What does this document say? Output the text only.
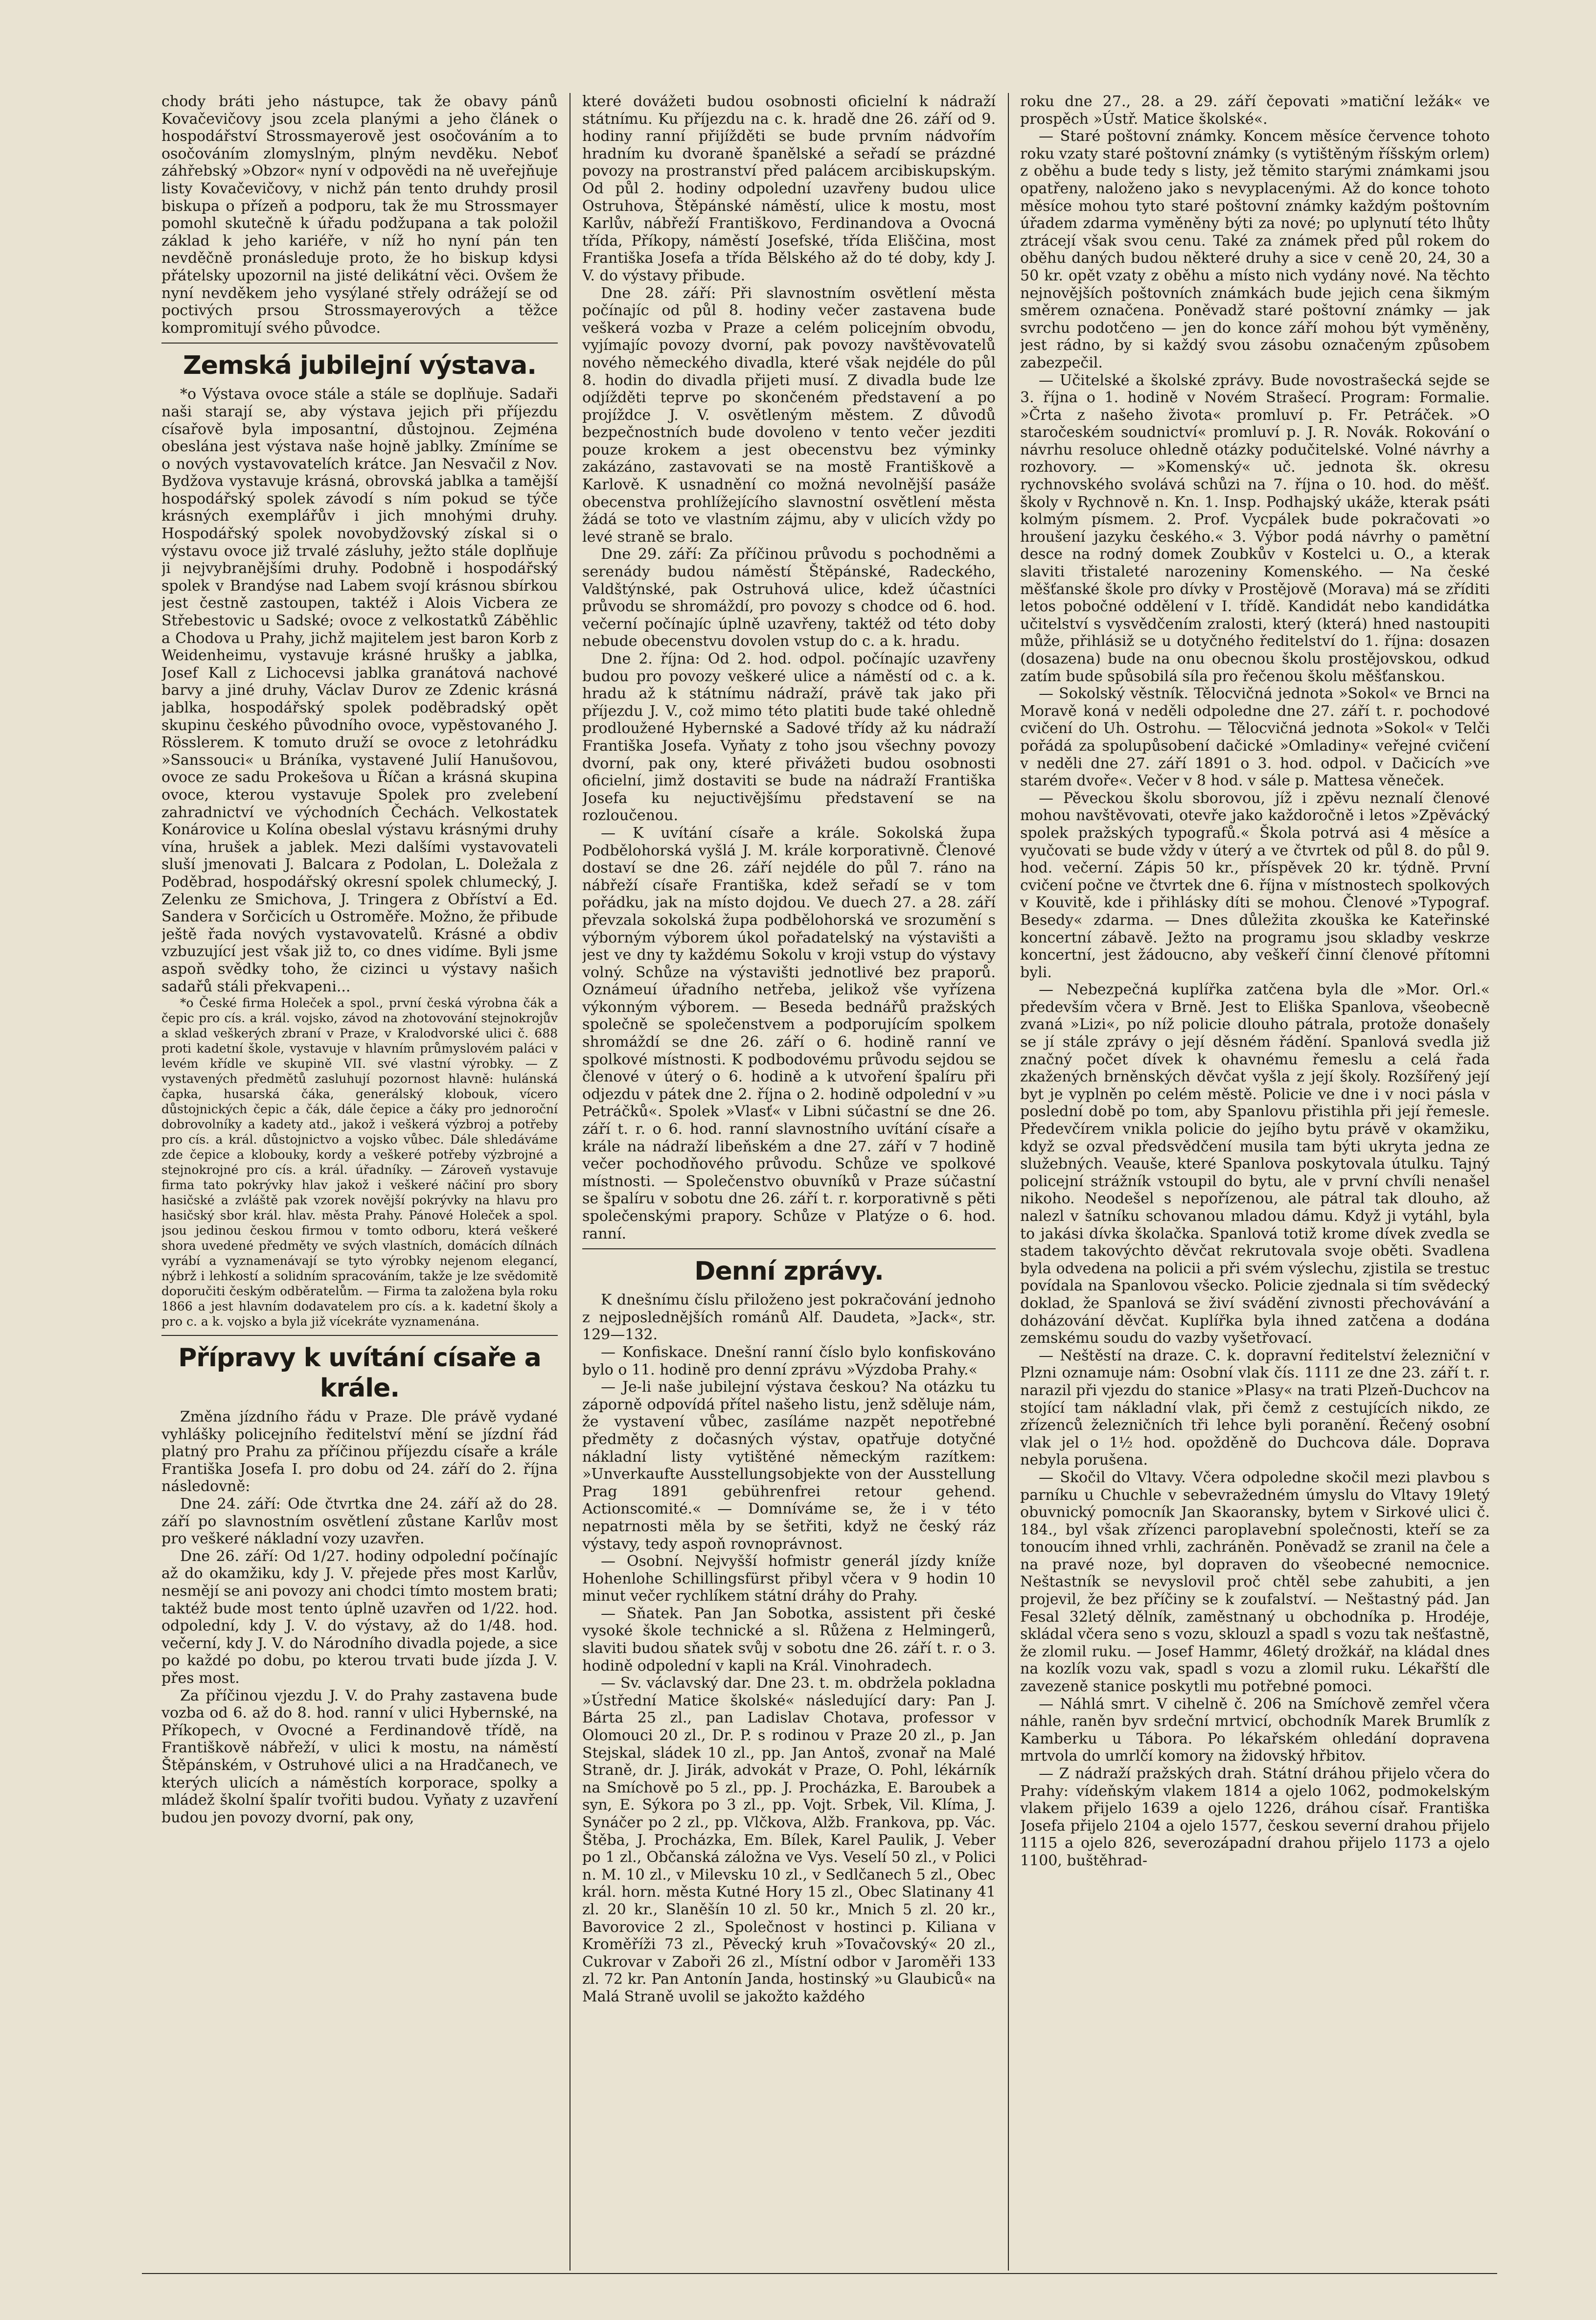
chody bráti jeho nástupce, tak že obavy pánů Kovačevičovy jsou zcela planými a jeho článek o hospodářství Strossmayerově jest osočováním a to osočováním zlomyslným, plným nevděku. Neboť záhřebský »Obzor« nyní v odpovědi na ně uveřejňuje listy Kovačevičovy, v nichž pán tento druhdy prosil biskupa o přízeň a podporu, tak že mu Strossmayer pomohl skutečně k úřadu podžupana a tak položil základ k jeho kariéře, v níž ho nyní pán ten nevděčně pronásleduje proto, že ho biskup kdysi přátelsky upozornil na jisté delikátní věci. Ovšem že nyní nevděkem jeho vysýlané střely odrážejí se od poctivých prsou Strossmayerových a těžce kompromitují svého původce.

Zemská jubilejní výstava.

*o Výstava ovoce stále a stále se doplňuje. Sadaři naši starají se, aby výstava jejich při příjezdu císařově byla imposantní, důstojnou. Zejména obeslána jest výstava naše hojně jablky. Zmíníme se o nových vystavovatelích krátce. Jan Nesvačil z Nov. Bydžova vystavuje krásná, obrovská jablka a tamější hospodářský spolek závodí s ním pokud se týče krásných exemplářův i jich mnohými druhy. Hospodářský spolek novobydžovský získal si o výstavu ovoce již trvalé zásluhy, ježto stále doplňuje ji nejvybranějšími druhy. Podobně i hospodářský spolek v Brandýse nad Labem svojí krásnou sbírkou jest čestně zastoupen, taktéž i Alois Vicbera ze Střebestovic u Sadské; ovoce z velkostatků Záběhlic a Chodova u Prahy, jichž majitelem jest baron Korb z Weidenheimu, vystavuje krásné hrušky a jablka, Josef Kall z Lichocevsi jablka granátová nachové barvy a jiné druhy, Václav Durov ze Zdenic krásná jablka, hospodářský spolek poděbradský opět skupinu českého původního ovoce, vypěstovaného J. Rösslerem. K tomuto druží se ovoce z letohrádku »Sanssouci« u Bráníka, vystavené Julií Hanušovou, ovoce ze sadu Prokešova u Říčan a krásná skupina ovoce, kterou vystavuje Spolek pro zvelebení zahradnictví ve východních Čechách. Velkostatek Konárovice u Kolína obeslal výstavu krásnými druhy vína, hrušek a jablek. Mezi dalšími vystavovateli sluší jmenovati J. Balcara z Podolan, L. Doležala z Poděbrad, hospodářský okresní spolek chlumecký, J. Zelenku ze Smichova, J. Tringera z Obříství a Ed. Sandera v Sorčicích u Ostroměře. Možno, že přibude ještě řada nových vystavovatelů. Krásné a obdiv vzbuzující jest však již to, co dnes vidíme. Byli jsme aspoň svědky toho, že cizinci u výstavy našich sadařů stáli překvapeni...

*o České firma Holeček a spol., první česká výrobna čák a čepic pro cís. a král. vojsko, závod na zhotovování stejnokrojův a sklad veškerých zbraní v Praze, v Kralodvorské ulici č. 688 proti kadetní škole, vystavuje v hlavním průmyslovém paláci v levém křídle ve skupině VII. své vlastní výrobky. — Z vystavených předmětů zasluhují pozornost hlavně: hulánská čapka, husarská čáka, generálský klobouk, vícero důstojnických čepic a čák, dále čepice a čáky pro jednoroční dobrovolníky a kadety atd., jakož i veškerá výzbroj a potřeby pro cís. a král. důstojnictvo a vojsko vůbec. Dále shledáváme zde čepice a klobouky, kordy a veškeré potřeby výzbrojné a stejnokrojné pro cís. a král. úřadníky. — Zároveň vystavuje firma tato pokrývky hlav jakož i veškeré náčiní pro sbory hasičské a zvláště pak vzorek novější pokrývky na hlavu pro hasičský sbor král. hlav. města Prahy. Pánové Holeček a spol. jsou jedinou českou firmou v tomto odboru, která veškeré shora uvedené předměty ve svých vlastních, domácích dílnách vyrábí a vyznamenávají se tyto výrobky nejenom elegancí, nýbrž i lehkostí a solidním spracováním, takže je lze svědomitě doporučiti českým odběratelům. — Firma ta založena byla roku 1866 a jest hlavním dodavatelem pro cís. a k. kadetní školy a pro c. a k. vojsko a byla již vícekráte vyznamenána.

Přípravy k uvítání císaře a krále.

Změna jízdního řádu v Praze. Dle právě vydané vyhlášky policejního ředitelství mění se jízdní řád platný pro Prahu za příčinou příjezdu císaře a krále Františka Josefa I. pro dobu od 24. září do 2. října následovně:

Dne 24. září: Ode čtvrtka dne 24. září až do 28. září po slavnostním osvětlení zůstane Karlův most pro veškeré nákladní vozy uzavřen.

Dne 26. září: Od 1/27. hodiny odpolední počínajíc až do okamžiku, kdy J. V. přejede přes most Karlův, nesmějí se ani povozy ani chodci tímto mostem brati; taktéž bude most tento úplně uzavřen od 1/22. hod. odpolední, kdy J. V. do výstavy, až do 1/48. hod. večerní, kdy J. V. do Národního divadla pojede, a sice po každé po dobu, po kterou trvati bude jízda J. V. přes most.

Za příčinou vjezdu J. V. do Prahy zastavena bude vozba od 6. až do 8. hod. ranní v ulici Hybernské, na Příkopech, v Ovocné a Ferdinandově třídě, na Františkově nábřeží, v ulici k mostu, na náměstí Štěpánském, v Ostruhové ulici a na Hradčanech, ve kterých ulicích a náměstích korporace, spolky a mládež školní špalír tvořiti budou. Vyňaty z uzavření budou jen povozy dvorní, pak ony,

které dovážeti budou osobnosti oficielní k nádraží státnímu. Ku příjezdu na c. k. hradě dne 26. září od 9. hodiny ranní přijížděti se bude prvním nádvořím hradním ku dvoraně španělské a seřadí se prázdné povozy na prostranství před palácem arcibiskupským. Od půl 2. hodiny odpolední uzavřeny budou ulice Ostruhova, Štěpánské náměstí, ulice k mostu, most Karlův, nábřeží Františkovo, Ferdinandova a Ovocná třída, Příkopy, náměstí Josefské, třída Eliščina, most Františka Josefa a třída Bělského až do té doby, kdy J. V. do výstavy přibude.

Dne 28. září: Při slavnostním osvětlení města počínajíc od půl 8. hodiny večer zastavena bude veškerá vozba v Praze a celém policejním obvodu, vyjímajíc povozy dvorní, pak povozy navštěvovatelů nového německého divadla, které však nejdéle do půl 8. hodin do divadla přijeti musí. Z divadla bude lze odjížděti teprve po skončeném představení a po projíždce J. V. osvětleným městem. Z důvodů bezpečnostních bude dovoleno v tento večer jezditi pouze krokem a jest obecenstvu bez výminky zakázáno, zastavovati se na mostě Františkově a Karlově. K usnadnění co možná nevolnější pasáže obecenstva prohlížejícího slavnostní osvětlení města žádá se toto ve vlastním zájmu, aby v ulicích vždy po levé straně se bralo.

Dne 29. září: Za příčinou průvodu s pochodněmi a serenády budou náměstí Štěpánské, Radeckého, Valdštýnské, pak Ostruhová ulice, kdež účastníci průvodu se shromáždí, pro povozy s chodce od 6. hod. večerní počínajíc úplně uzavřeny, taktéž od této doby nebude obecenstvu dovolen vstup do c. a k. hradu.

Dne 2. října: Od 2. hod. odpol. počínajíc uzavřeny budou pro povozy veškeré ulice a náměstí od c. a k. hradu až k státnímu nádraží, právě tak jako při příjezdu J. V., což mimo této platiti bude také ohledně prodloužené Hybernské a Sadové třídy až ku nádraží Františka Josefa. Vyňaty z toho jsou všechny povozy dvorní, pak ony, které přivážeti budou osobnosti oficielní, jimž dostaviti se bude na nádraží Františka Josefa ku nejuctivějšímu představení se na rozloučenou.

— K uvítání císaře a krále. Sokolská župa Podbělohorská vyšlá J. M. krále korporativně. Členové dostaví se dne 26. září nejdéle do půl 7. ráno na nábřeží císaře Františka, kdež seřadí se v tom pořádku, jak na místo dojdou. Ve duech 27. a 28. září převzala sokolská župa podbělohorská ve srozumění s výborným výborem úkol pořadatelský na výstavišti a jest ve dny ty každému Sokolu v kroji vstup do výstavy volný. Schůze na výstavišti jednotlivé bez praporů. Oznámeuí úřadního netřeba, jelikož vše vyřízena výkonným výborem. — Beseda bednářů pražských společně se společenstvem a podporujícím spolkem shromáždí se dne 26. září o 6. hodině ranní ve spolkové místnosti. K podbodovému průvodu sejdou se členové v úterý o 6. hodině a k utvoření špalíru při odjezdu v pátek dne 2. října o 2. hodině odpolední v »u Petráčků«. Spolek »Vlasť« v Libni súčastní se dne 26. září t. r. o 6. hod. ranní slavnostního uvítání císaře a krále na nádraží libeňském a dne 27. září v 7 hodině večer pochodňového průvodu. Schůze ve spolkové místnosti. — Společenstvo obuvníků v Praze súčastní se špalíru v sobotu dne 26. září t. r. korporativně s pěti společenskými prapory. Schůze v Platýze o 6. hod. ranní.

Denní zprávy.

K dnešnímu číslu přiloženo jest pokračování jednoho z nejposlednějších románů Alf. Daudeta, »Jack«, str. 129—132.

— Konfiskace. Dnešní ranní číslo bylo konfiskováno bylo o 11. hodině pro denní zprávu »Výzdoba Prahy.«

— Je-li naše jubilejní výstava českou? Na otázku tu záporně odpovídá přítel našeho listu, jenž sděluje nám, že vystavení vůbec, zasíláme nazpět nepotřebné předměty z dočasných výstav, opatřuje dotyčné nákladní listy vytištěné německým razítkem: »Unverkaufte Ausstellungsobjekte von der Ausstellung Prag 1891 gebührenfrei retour gehend. Actionscomité.« — Domníváme se, že i v této nepatrnosti měla by se šetřiti, když ne český ráz výstavy, tedy aspoň rovnoprávnost.

— Osobní. Nejvyšší hofmistr generál jízdy kníže Hohenlohe Schillingsfürst přibyl včera v 9 hodin 10 minut večer rychlíkem státní dráhy do Prahy.

— Sňatek. Pan Jan Sobotka, assistent při české vysoké škole technické a sl. Růžena z Helmingerů, slaviti budou sňatek svůj v sobotu dne 26. září t. r. o 3. hodině odpolední v kapli na Král. Vinohradech.

— Sv. václavský dar. Dne 23. t. m. obdržela pokladna »Ústřední Matice školské« následující dary: Pan J. Bárta 25 zl., pan Ladislav Chotava, professor v Olomouci 20 zl., Dr. P. s rodinou v Praze 20 zl., p. Jan Stejskal, sládek 10 zl., pp. Jan Antoš, zvonař na Malé Straně, dr. J. Jirák, advokát v Praze, O. Pohl, lékárník na Smíchově po 5 zl., pp. J. Procházka, E. Baroubek a syn, E. Sýkora po 3 zl., pp. Vojt. Srbek, Vil. Klíma, J. Synáčer po 2 zl., pp. Vlčkova, Alžb. Frankova, pp. Vác. Štěba, J. Procházka, Em. Bílek, Karel Paulik, J. Veber po 1 zl., Občanská záložna ve Vys. Veselí 50 zl., v Polici n. M. 10 zl., v Milevsku 10 zl., v Sedlčanech 5 zl., Obec král. horn. města Kutné Hory 15 zl., Obec Slatinany 41 zl. 20 kr., Slaněšín 10 zl. 50 kr., Mnich 5 zl. 20 kr., Bavorovice 2 zl., Společnost v hostinci p. Kiliana v Kroměříži 73 zl., Pěvecký kruh »Tovačovský« 20 zl., Cukrovar v Zaboři 26 zl., Místní odbor v Jaroměři 133 zl. 72 kr. Pan Antonín Janda, hostinský »u Glaubiců« na Malá Straně uvolil se jakožto každého

roku dne 27., 28. a 29. září čepovati »matiční ležák« ve prospěch »Ústř. Matice školské«.

— Staré poštovní známky. Koncem měsíce července tohoto roku vzaty staré poštovní známky (s vytištěným říšským orlem) z oběhu a bude tedy s listy, jež těmito starými známkami jsou opatřeny, naloženo jako s nevyplacenými. Až do konce tohoto měsíce mohou tyto staré poštovní známky každým poštovním úřadem zdarma vyměněny býti za nové; po uplynutí této lhůty ztrácejí však svou cenu. Také za známek před půl rokem do oběhu daných budou některé druhy a sice v ceně 20, 24, 30 a 50 kr. opět vzaty z oběhu a místo nich vydány nové. Na těchto nejnovějších poštovních známkách bude jejich cena šikmým směrem označena. Poněvadž staré poštovní známky — jak svrchu podotčeno — jen do konce září mohou být vyměněny, jest rádno, by si každý svou zásobu označeným způsobem zabezpečil.

— Učitelské a školské zprávy. Bude novostrašecká sejde se 3. října o 1. hodině v Novém Strašecí. Program: Formalie. »Črta z našeho života« promluví p. Fr. Petráček. »O staročeském soudnictví« promluví p. J. R. Novák. Rokování o návrhu resoluce ohledně otázky podučitelské. Volné návrhy a rozhovory. — »Komenský« uč. jednota šk. okresu rychnovského svolává schůzi na 7. října o 10. hod. do měšť. školy v Rychnově n. Kn. 1. Insp. Podhajský ukáže, kterak psáti kolmým písmem. 2. Prof. Vycpálek bude pokračovati »o hroušení jazyku českého.« 3. Výbor podá návrhy o pamětní desce na rodný domek Zoubkův v Kostelci u. O., a kterak slaviti třistaleté narozeniny Komenského. — Na české měšťanské škole pro dívky v Prostějově (Morava) má se zříditi letos pobočné oddělení v I. třídě. Kandidát nebo kandidátka učitelství s vysvědčením zralosti, který (která) hned nastoupiti může, přihlásiž se u dotyčného ředitelství do 1. října: dosazen (dosazena) bude na onu obecnou školu prostějovskou, odkud zatím bude spůsobilá síla pro řečenou školu měšťanskou.

— Sokolský věstník. Tělocvičná jednota »Sokol« ve Brnci na Moravě koná v neděli odpoledne dne 27. září t. r. pochodové cvičení do Uh. Ostrohu. — Tělocvičná jednota »Sokol« v Telči pořádá za spolupůsobení dačické »Omladiny« veřejné cvičení v neděli dne 27. září 1891 o 3. hod. odpol. v Dačicích »ve starém dvoře«. Večer v 8 hod. v sále p. Mattesa věneček.

— Pěveckou školu sborovou, jíž i zpěvu neznalí členové mohou navštěvovati, otevře jako každoročně i letos »Zpěvácký spolek pražských typografů.« Škola potrvá asi 4 měsíce a vyučovati se bude vždy v úterý a ve čtvrtek od půl 8. do půl 9. hod. večerní. Zápis 50 kr., příspěvek 20 kr. týdně. První cvičení počne ve čtvrtek dne 6. října v místnostech spolkových v Kouvitě, kde i přihlásky díti se mohou. Členové »Typograf. Besedy« zdarma. — Dnes důležita zkouška ke Kateřinské koncertní zábavě. Ježto na programu jsou skladby veskrze koncertní, jest žádoucno, aby veškeří činní členové přítomni byli.

— Nebezpečná kuplířka zatčena byla dle »Mor. Orl.« především včera v Brně. Jest to Eliška Spanlova, všeobecně zvaná »Lizi«, po níž policie dlouho pátrala, protože donašely se jí stále zprávy o její děsném řádění. Spanlová svedla již značný počet dívek k ohavnému řemeslu a celá řada zkažených brněnských děvčat vyšla z její školy. Rozšířený její byt je vyplněn po celém městě. Policie ve dne i v noci pásla v poslední době po tom, aby Spanlovu přistihla při její řemesle. Předevčírem vnikla policie do jejího bytu právě v okamžiku, když se ozval předsvědčení musila tam býti ukryta jedna ze služebných. Veauše, které Spanlova poskytovala útulku. Tajný policejní strážník vstoupil do bytu, ale v první chvíli nenašel nikoho. Neodešel s nepořízenou, ale pátral tak dlouho, až nalezl v šatníku schovanou mladou dámu. Když ji vytáhl, byla to jakási dívka školačka. Spanlová totiž krome dívek zvedla se stadem takovýchto děvčat rekrutovala svoje oběti. Svadlena byla odvedena na policii a při svém výslechu, zjistila se trestuc povídala na Spanlovou všecko. Policie zjednala si tím svědecký doklad, že Spanlová se živí svádění zivnosti přechovávání a doházování děvčat. Kuplířka byla ihned zatčena a dodána zemskému soudu do vazby vyšetřovací.

— Neštěstí na draze. C. k. dopravní ředitelství železniční v Plzni oznamuje nám: Osobní vlak čís. 1111 ze dne 23. září t. r. narazil při vjezdu do stanice »Plasy« na trati Plzeň-Duchcov na stojící tam nákladní vlak, při čemž z cestujících nikdo, ze zřízenců železničních tři lehce byli poranění. Řečený osobní vlak jel o 1½ hod. opožděně do Duchcova dále. Doprava nebyla porušena.

— Skočil do Vltavy. Včera odpoledne skočil mezi plavbou s parníku u Chuchle v sebevražedném úmyslu do Vltavy 19letý obuvnický pomocník Jan Skaoransky, bytem v Sirkové ulici č. 184., byl však zřízenci paroplavební společnosti, kteří se za tonoucím ihned vrhli, zachráněn. Poněvadž se zranil na čele a na pravé noze, byl dopraven do všeobecné nemocnice. Neštastník se nevyslovil proč chtěl sebe zahubiti, a jen projevil, že bez příčiny se k zoufalství. — Neštastný pád. Jan Fesal 32letý dělník, zaměstnaný u obchodníka p. Hrodéje, skládal včera seno s vozu, sklouzl a spadl s vozu tak nešťastně, že zlomil ruku. — Josef Hammr, 46letý drožkář, na kládal dnes na kozlík vozu vak, spadl s vozu a zlomil ruku. Lékařští dle zavezeně stanice poskytli mu potřebné pomoci.

— Náhlá smrt. V cihelně č. 206 na Smíchově zemřel včera náhle, raněn byv srdeční mrtvicí, obchodník Marek Brumlík z Kamberku u Tábora. Po lékařském ohledání dopravena mrtvola do umrlčí komory na židovský hřbitov.

— Z nádraží pražských drah. Státní dráhou přijelo včera do Prahy: vídeňským vlakem 1814 a ojelo 1062, podmokelským vlakem přijelo 1639 a ojelo 1226, dráhou císař. Františka Josefa přijelo 2104 a ojelo 1577, českou severní drahou přijelo 1115 a ojelo 826, severozápadní drahou přijelo 1173 a ojelo 1100, buštěhrad-
